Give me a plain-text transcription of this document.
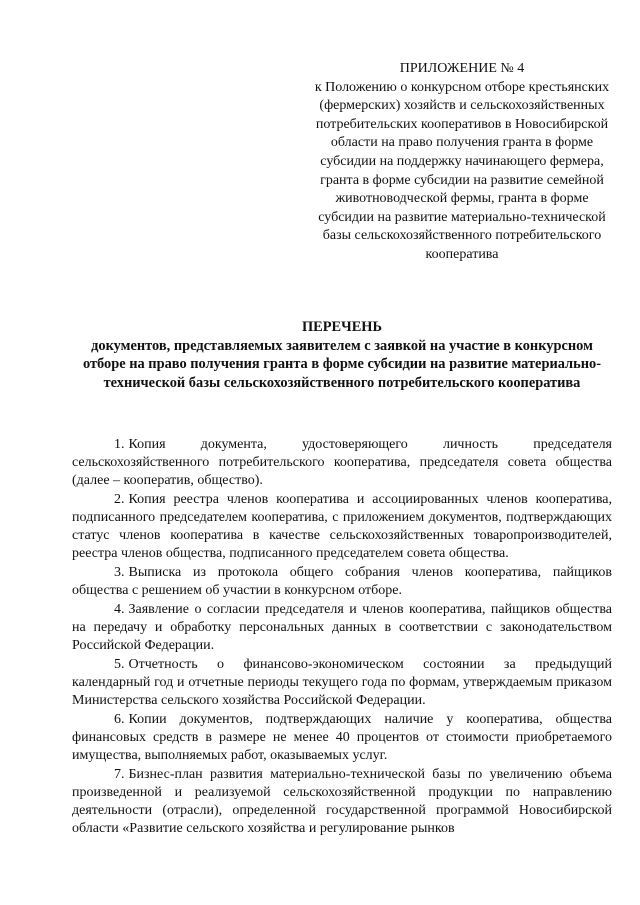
ПРИЛОЖЕНИЕ № 4
к Положению о конкурсном отборе крестьянских (фермерских) хозяйств и сельскохозяйственных потребительских кооперативов в Новосибирской области на право получения гранта в форме субсидии на поддержку начинающего фермера, гранта в форме субсидии на развитие семейной животноводческой фермы, гранта в форме субсидии на развитие материально-технической базы сельскохозяйственного потребительского кооператива
ПЕРЕЧЕНЬ
документов, представляемых заявителем с заявкой на участие в конкурсном отборе на право получения гранта в форме субсидии на развитие материально-технической базы сельскохозяйственного потребительского кооператива

1. Копия документа, удостоверяющего личность председателя сельскохозяйственного потребительского кооператива, председателя совета общества (далее – кооператив, общество).

2. Копия реестра членов кооператива и ассоциированных членов кооператива, подписанного председателем кооператива, с приложением документов, подтверждающих статус членов кооператива в качестве сельскохозяйственных товаропроизводителей, реестра членов общества, подписанного председателем совета общества.

3. Выписка из протокола общего собрания членов кооператива, пайщиков общества с решением об участии в конкурсном отборе.

4. Заявление о согласии председателя и членов кооператива, пайщиков общества на передачу и обработку персональных данных в соответствии с законодательством Российской Федерации.

5. Отчетность о финансово-экономическом состоянии за предыдущий календарный год и отчетные периоды текущего года по формам, утверждаемым приказом Министерства сельского хозяйства Российской Федерации.

6. Копии документов, подтверждающих наличие у кооператива, общества финансовых средств в размере не менее 40 процентов от стоимости приобретаемого имущества, выполняемых работ, оказываемых услуг.

7. Бизнес-план развития материально-технической базы по увеличению объема произведенной и реализуемой сельскохозяйственной продукции по направлению деятельности (отрасли), определенной государственной программой Новосибирской области «Развитие сельского хозяйства и регулирование рынков
